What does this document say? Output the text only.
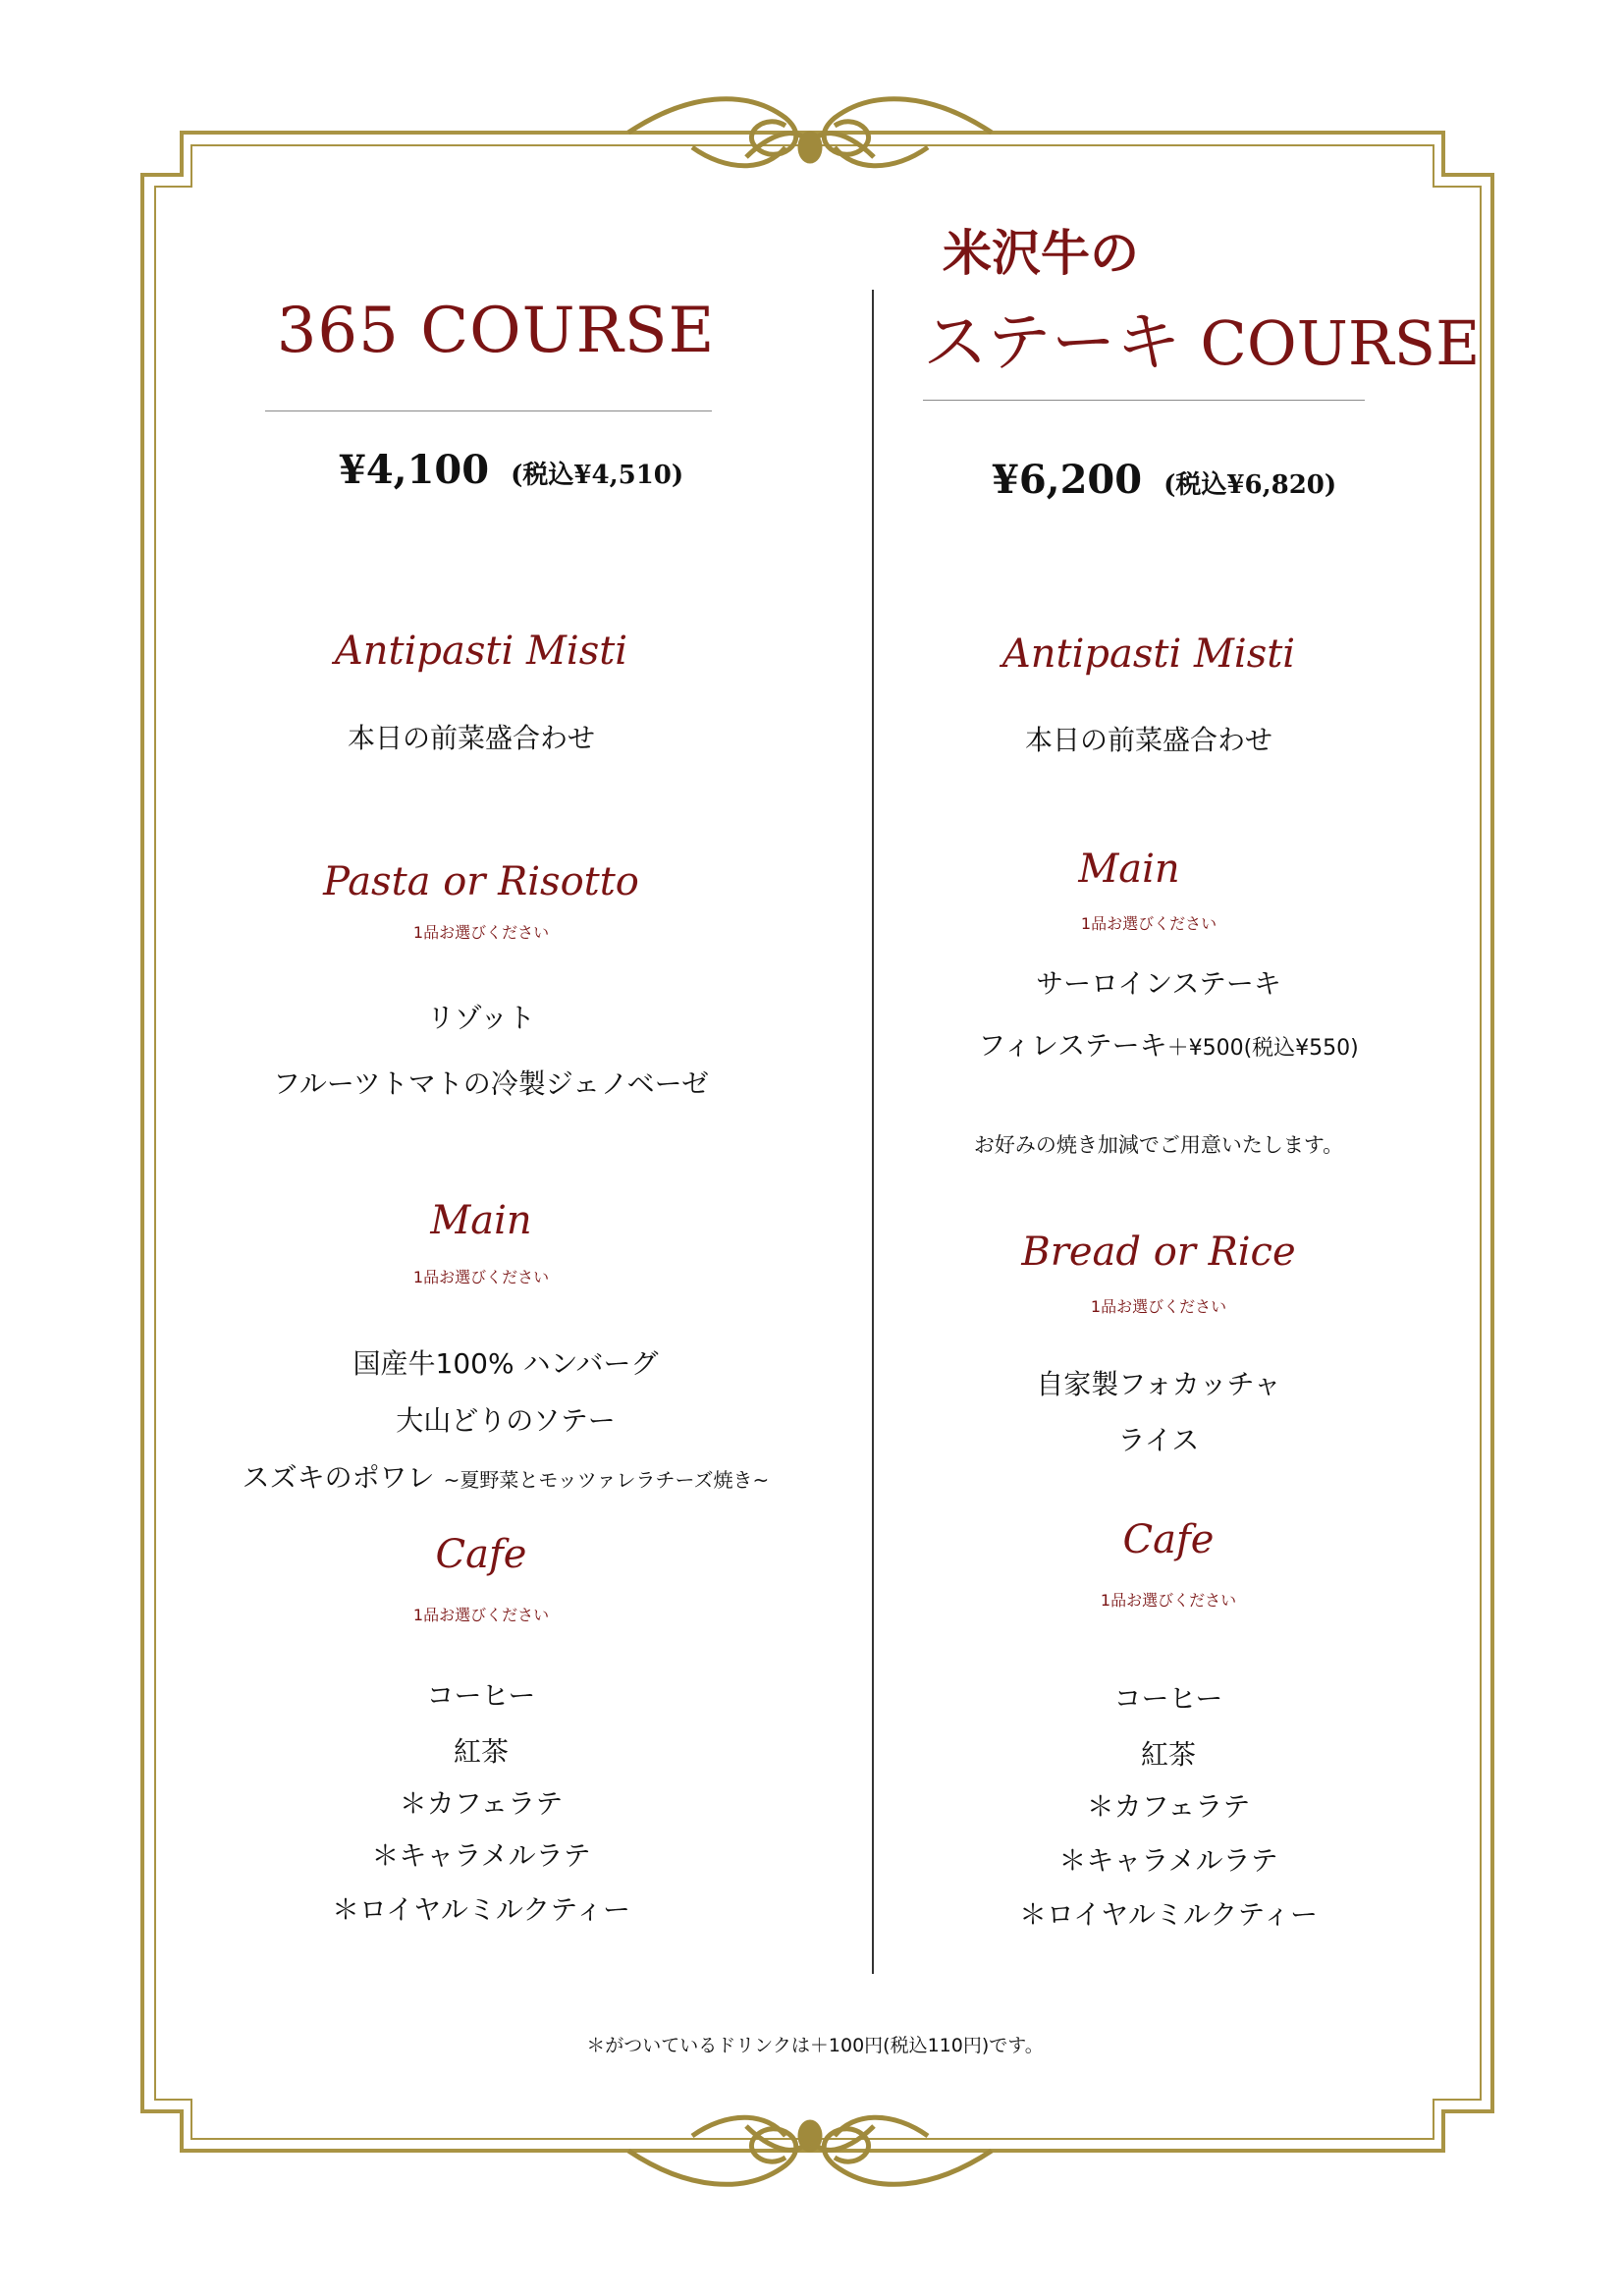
365 COURSE
¥4,100 (税込¥4,510)
Antipasti Misti
本日の前菜盛合わせ
Pasta or Risotto
1品お選びください
リゾット
フルーツトマトの冷製ジェノベーゼ
Main
1品お選びください
国産牛100% ハンバーグ
大山どりのソテー
スズキのポワレ ~夏野菜とモッツァレラチーズ焼き~
Cafe
1品お選びください
コーヒー
紅茶
＊カフェラテ
＊キャラメルラテ
＊ロイヤルミルクティー
米沢牛の
ステーキ COURSE
¥6,200 (税込¥6,820)
Antipasti Misti
本日の前菜盛合わせ
Main
1品お選びください
サーロインステーキ
フィレステーキ＋¥500(税込¥550)
お好みの焼き加減でご用意いたします。
Bread or Rice
1品お選びください
自家製フォカッチャ
ライス
Cafe
1品お選びください
コーヒー
紅茶
＊カフェラテ
＊キャラメルラテ
＊ロイヤルミルクティー
＊がついているドリンクは＋100円(税込110円)です。
